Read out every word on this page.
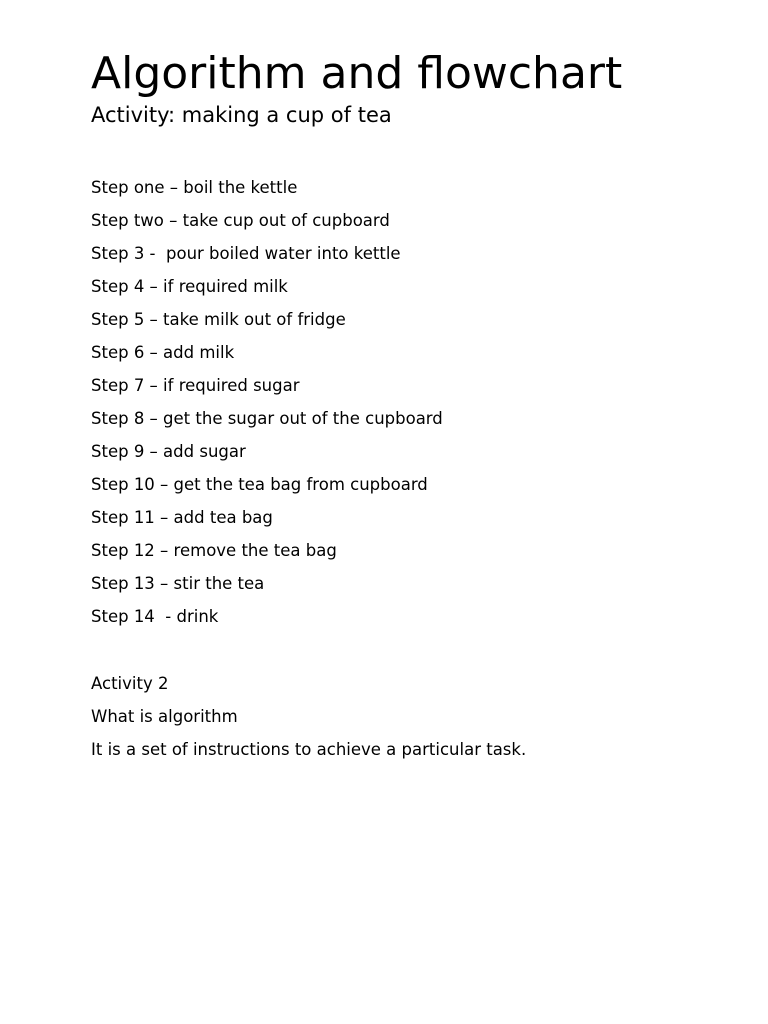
Algorithm and flowchart
Activity: making a cup of tea
Step one – boil the kettle
Step two – take cup out of cupboard
Step 3 -  pour boiled water into kettle
Step 4 – if required milk
Step 5 – take milk out of fridge
Step 6 – add milk
Step 7 – if required sugar
Step 8 – get the sugar out of the cupboard
Step 9 – add sugar
Step 10 – get the tea bag from cupboard
Step 11 – add tea bag
Step 12 – remove the tea bag
Step 13 – stir the tea
Step 14  - drink
Activity 2
What is algorithm
It is a set of instructions to achieve a particular task.
